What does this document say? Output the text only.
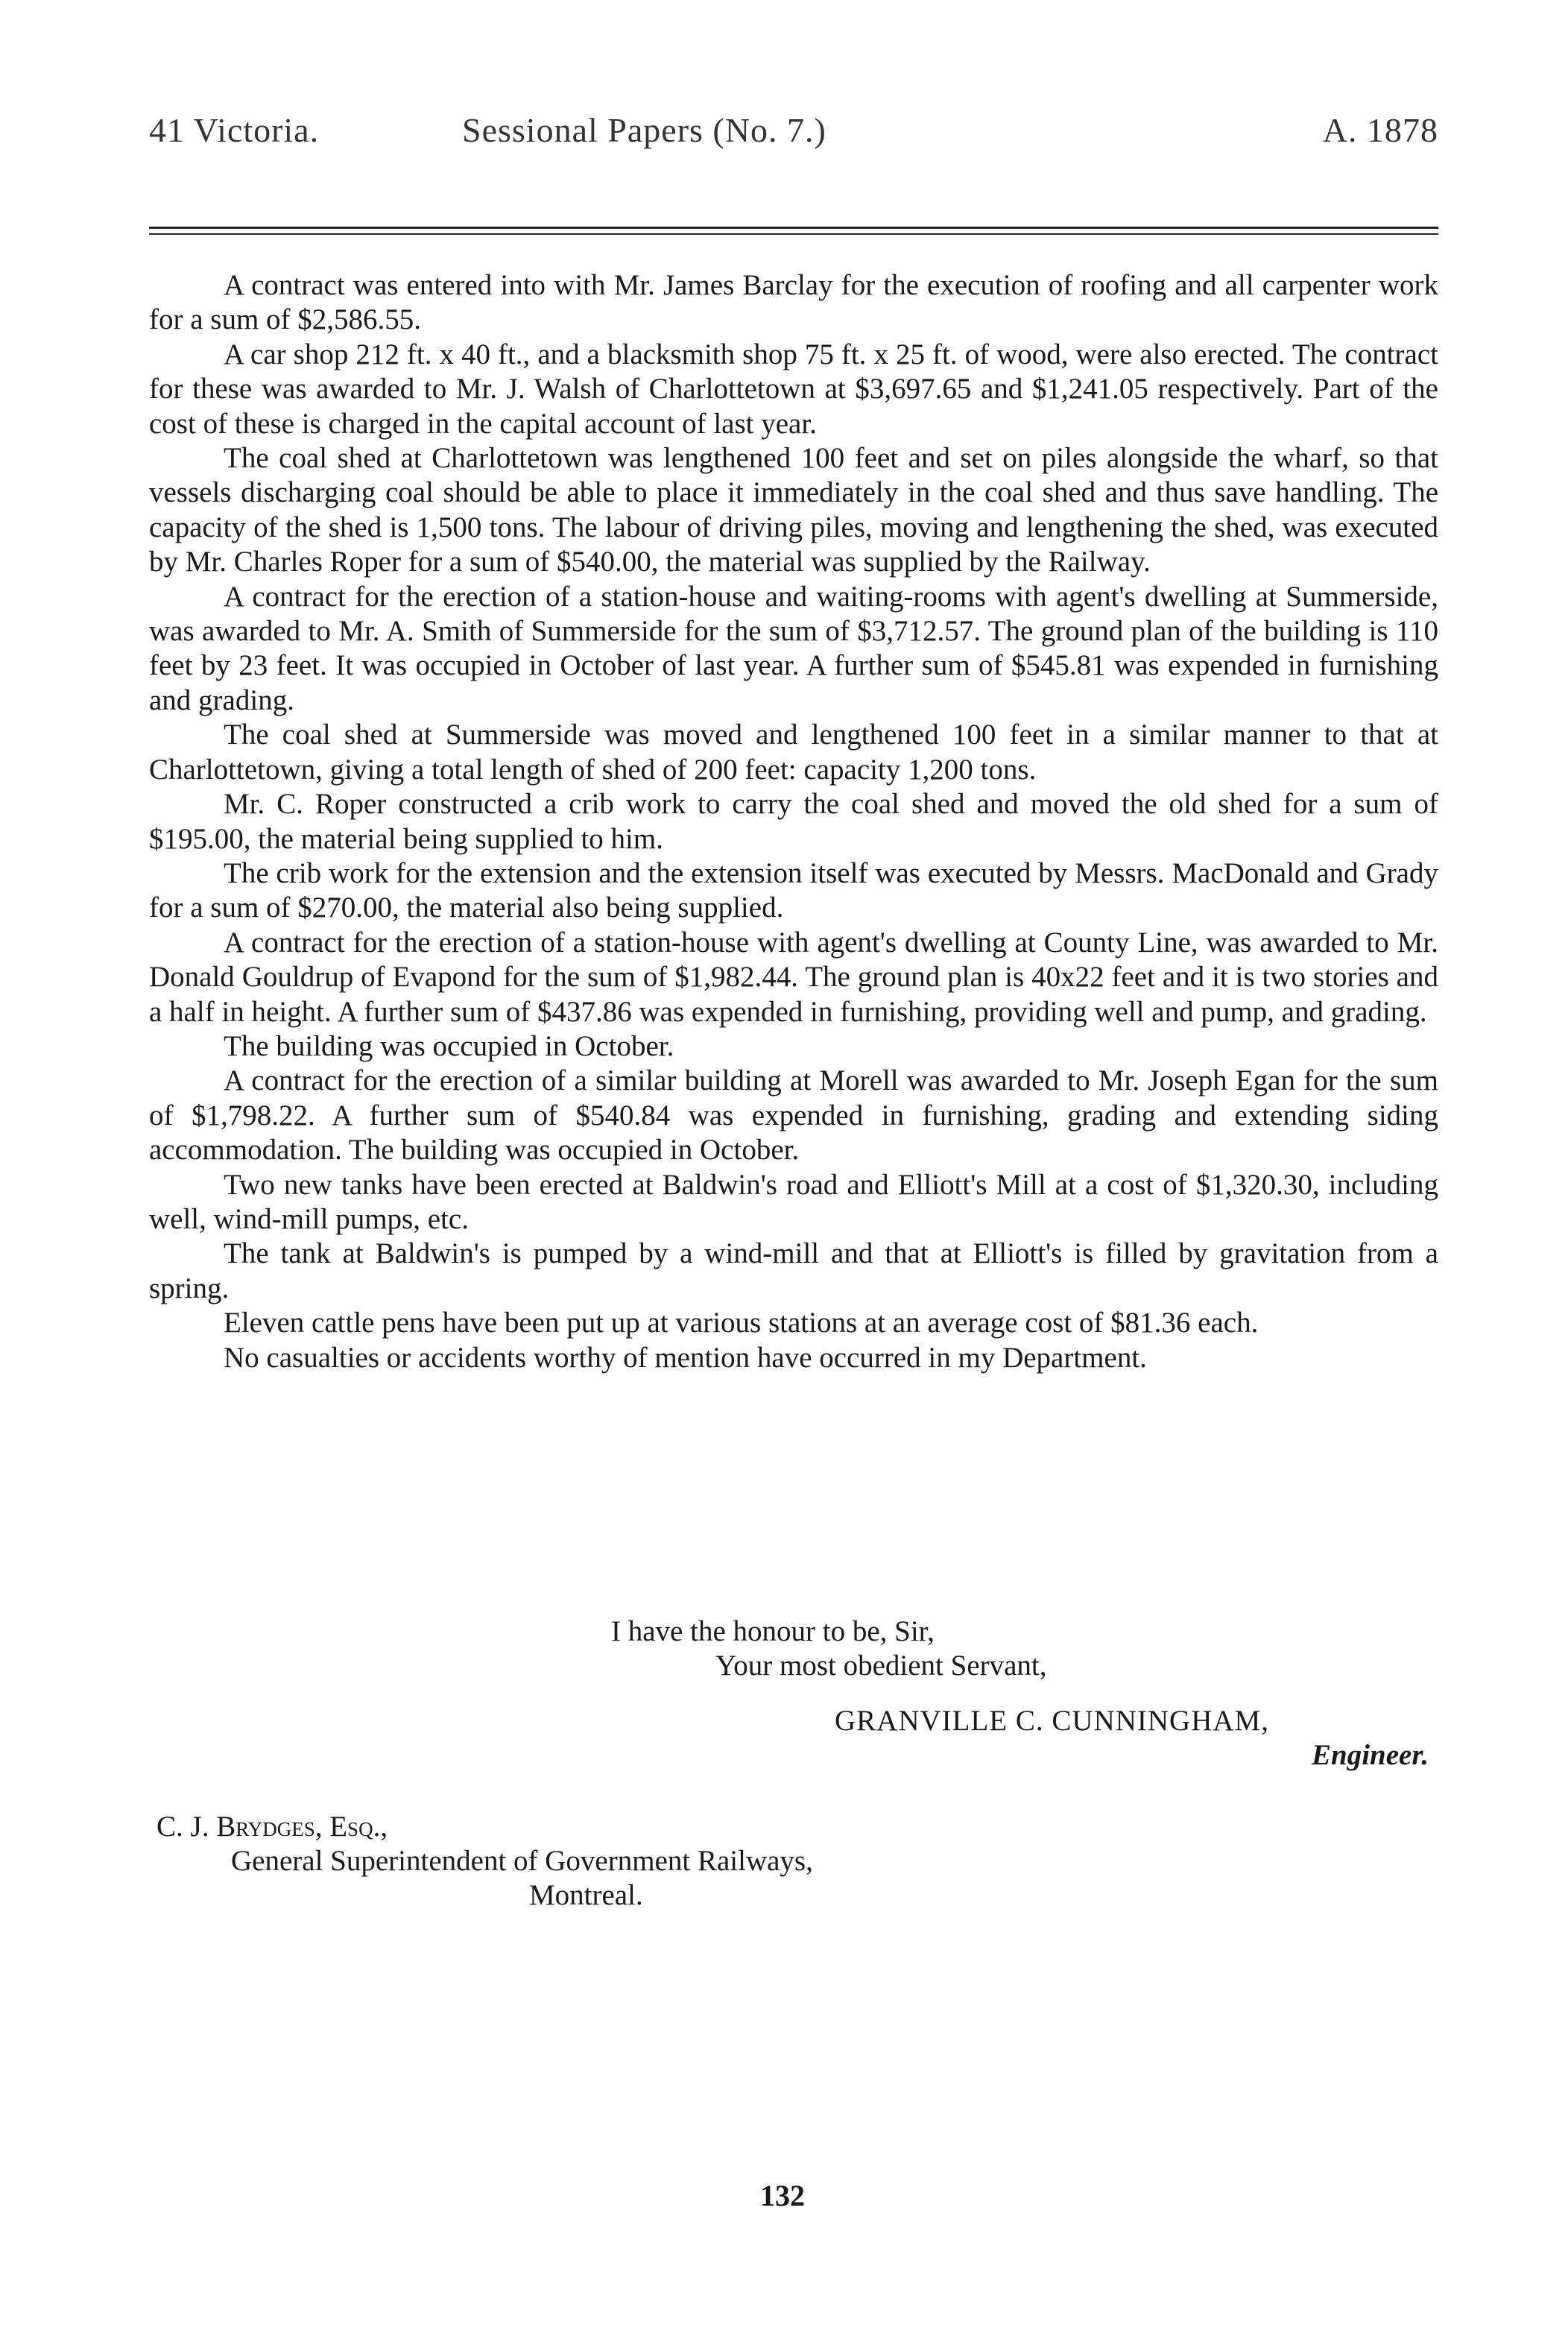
41 Victoria.	Sessional Papers (No. 7.)	A. 1878

A contract was entered into with Mr. James Barclay for the execution of roofing and all carpenter work for a sum of $2,586.55.

A car shop 212 ft. x 40 ft., and a blacksmith shop 75 ft. x 25 ft. of wood, were also erected. The contract for these was awarded to Mr. J. Walsh of Charlottetown at $3,697.65 and $1,241.05 respectively. Part of the cost of these is charged in the capital account of last year.

The coal shed at Charlottetown was lengthened 100 feet and set on piles alongside the wharf, so that vessels discharging coal should be able to place it immediately in the coal shed and thus save handling. The capacity of the shed is 1,500 tons. The labour of driving piles, moving and lengthening the shed, was executed by Mr. Charles Roper for a sum of $540.00, the material was supplied by the Railway.

A contract for the erection of a station-house and waiting-rooms with agent's dwelling at Summerside, was awarded to Mr. A. Smith of Summerside for the sum of $3,712.57. The ground plan of the building is 110 feet by 23 feet. It was occupied in October of last year. A further sum of $545.81 was expended in furnishing and grading.

The coal shed at Summerside was moved and lengthened 100 feet in a similar manner to that at Charlottetown, giving a total length of shed of 200 feet: capacity 1,200 tons.

Mr. C. Roper constructed a crib work to carry the coal shed and moved the old shed for a sum of $195.00, the material being supplied to him.

The crib work for the extension and the extension itself was executed by Messrs. MacDonald and Grady for a sum of $270.00, the material also being supplied.

A contract for the erection of a station-house with agent's dwelling at County Line, was awarded to Mr. Donald Gouldrup of Evapond for the sum of $1,982.44. The ground plan is 40x22 feet and it is two stories and a half in height. A further sum of $437.86 was expended in furnishing, providing well and pump, and grading.

The building was occupied in October.

A contract for the erection of a similar building at Morell was awarded to Mr. Joseph Egan for the sum of $1,798.22. A further sum of $540.84 was expended in furnishing, grading and extending siding accommodation. The building was occupied in October.

Two new tanks have been erected at Baldwin's road and Elliott's Mill at a cost of $1,320.30, including well, wind-mill pumps, etc.

The tank at Baldwin's is pumped by a wind-mill and that at Elliott's is filled by gravitation from a spring.

Eleven cattle pens have been put up at various stations at an average cost of $81.36 each.

No casualties or accidents worthy of mention have occurred in my Department.

I have the honour to be, Sir,
Your most obedient Servant,
GRANVILLE C. CUNNINGHAM,
Engineer.
C. J. Brydges, Esq.,
General Superintendent of Government Railways,
Montreal.
132
